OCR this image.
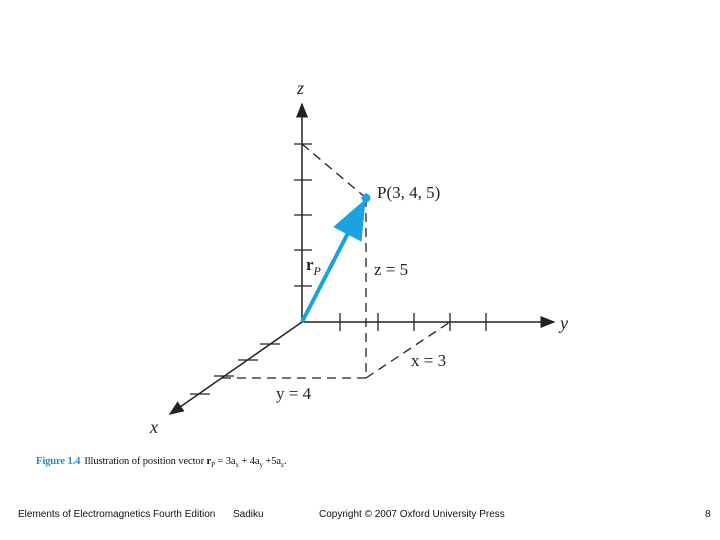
z
y
x
P(3, 4, 5)
$r_P$	z = 5
x = 3
y = 4
Figure 1.4 Illustration of position vector $r_P = 3a_x + 4a_y +5a_z$.
Elements of Electromagnetics Fourth Edition Sadiku	Copyright © 2007 Oxford University Press	8
